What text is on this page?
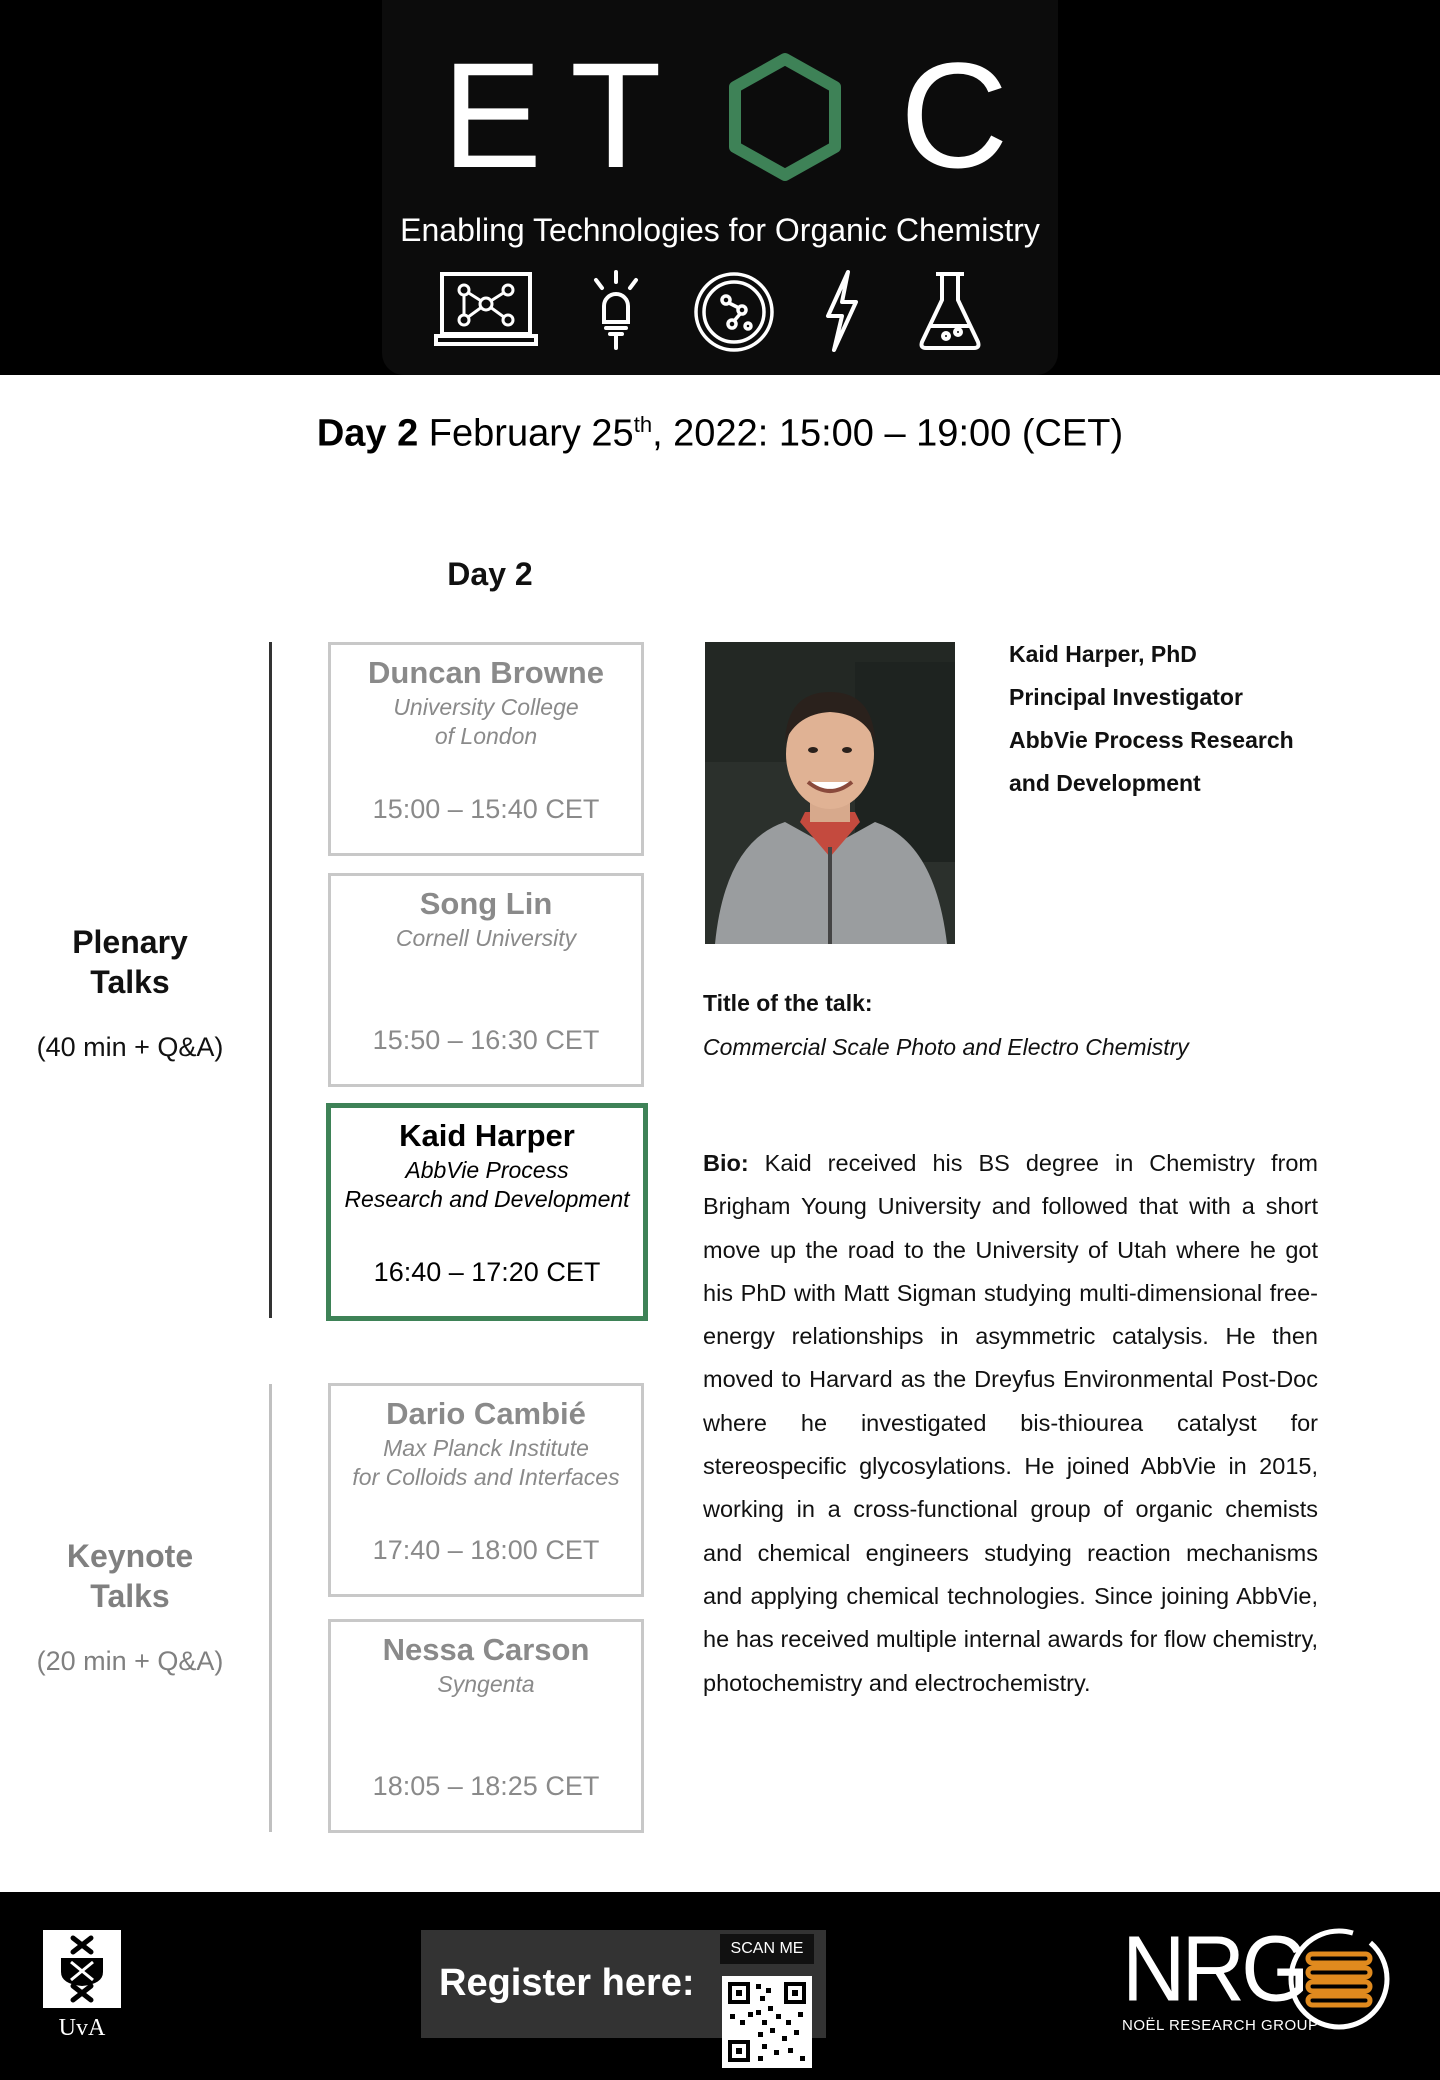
E T C
Enabling Technologies for Organic Chemistry
Day 2 February 25th, 2022: 15:00 – 19:00 (CET)
Day 2
Plenary
Talks
(40 min + Q&A)
Keynote
Talks
(20 min + Q&A)
Duncan Browne
University College
of London
15:00 – 15:40 CET
Song Lin
Cornell University
15:50 – 16:30 CET
Kaid Harper
AbbVie Process
Research and Development
16:40 – 17:20 CET
Dario Cambié
Max Planck Institute
for Colloids and Interfaces
17:40 – 18:00 CET
Nessa Carson
Syngenta
18:05 – 18:25 CET
Kaid Harper, PhD
Principal Investigator
AbbVie Process Research
and Development
Title of the talk:
Commercial Scale Photo and Electro Chemistry
Bio: Kaid received his BS degree in Chemistry from Brigham Young University and followed that with a short move up the road to the University of Utah where he got his PhD with Matt Sigman studying multi-dimensional free-energy relationships in asymmetric catalysis. He then moved to Harvard as the Dreyfus Environmental Post-Doc where he investigated bis-thiourea catalyst for stereospecific glycosylations. He joined AbbVie in 2015, working in a cross-functional group of organic chemists and chemical engineers studying reaction mechanisms and applying chemical technologies. Since joining AbbVie, he has received multiple internal awards for flow chemistry, photochemistry and electrochemistry.
UvA
Register here:
SCAN ME	NRG
NOËL RESEARCH GROUP
